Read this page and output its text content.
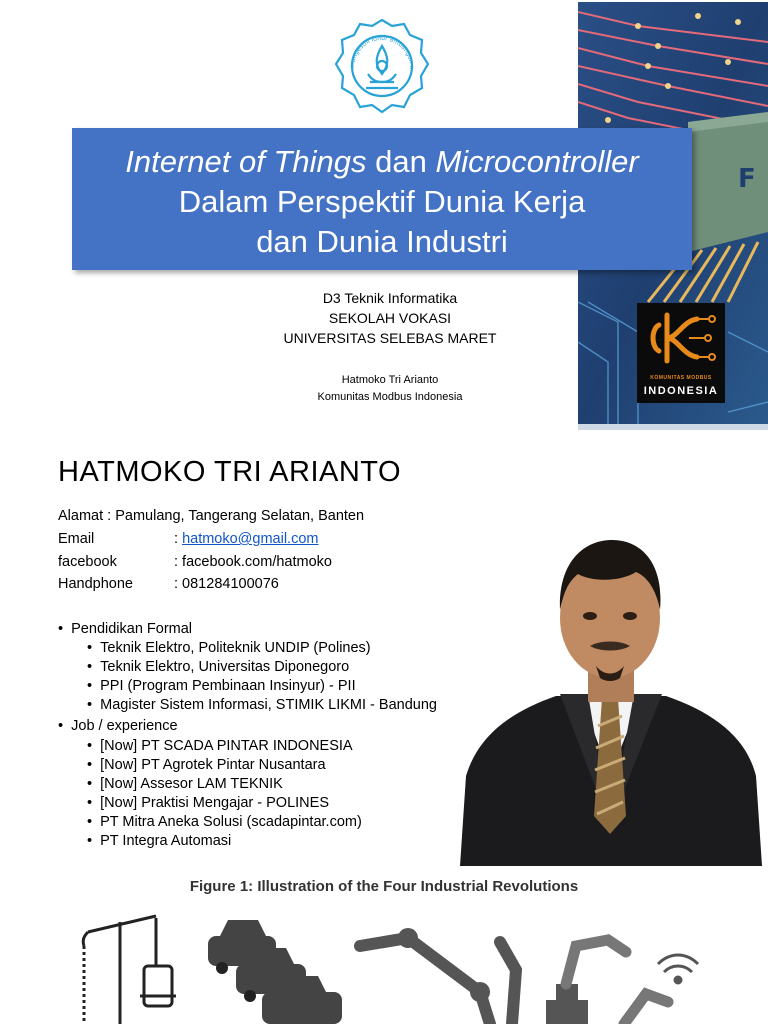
mangesthi luhur ambangun n
F
Internet of Things dan Microcontroller
Dalam Perspektif Dunia Kerja
dan Dunia Industri
D3 Teknik Informatika
SEKOLAH VOKASI
UNIVERSITAS SELEBAS MARET
Hatmoko Tri Arianto
Komunitas Modbus Indonesia
KOMUNITAS MODBUS
INDONESIA
HATMOKO TRI ARIANTO
Alamat : Pamulang, Tangerang Selatan, Banten
Email	: hatmoko@gmail.com
facebook	: facebook.com/hatmoko
Handphone	: 081284100076
•  Pendidikan Formal
•  Teknik Elektro, Politeknik UNDIP (Polines)
•  Teknik Elektro, Universitas Diponegoro
•  PPI (Program Pembinaan Insinyur) - PII
•  Magister Sistem Informasi, STIMIK LIKMI - Bandung
•  Job / experience
•  [Now] PT SCADA PINTAR INDONESIA
•  [Now] PT Agrotek Pintar Nusantara
•  [Now] Assesor LAM TEKNIK
•  [Now] Praktisi Mengajar - POLINES
•  PT Mitra Aneka Solusi (scadapintar.com)
•  PT Integra Automasi
Figure 1: Illustration of the Four Industrial Revolutions
